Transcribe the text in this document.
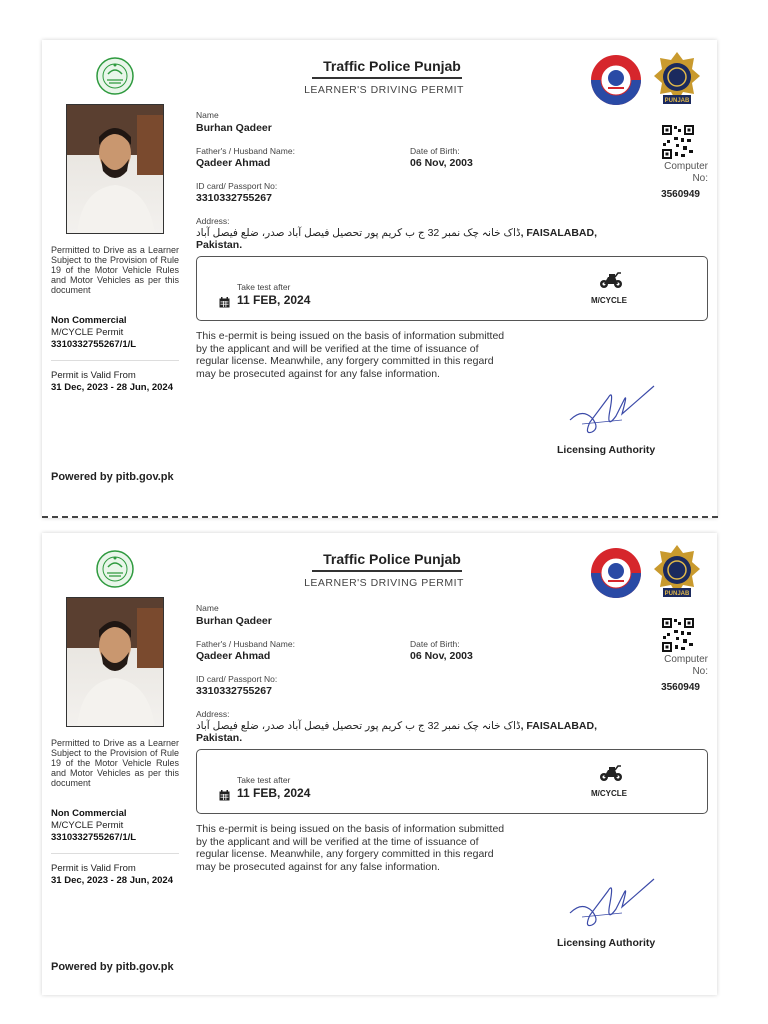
Permitted to Drive as a Learner Subject to the Provision of Rule 19 of the Motor Vehicle Rules and Motor Vehicles as per this document
Non Commercial
M/CYCLE Permit
3310332755267/1/L
Permit is Valid From
31 Dec, 2023 - 28 Jun, 2024
Powered by pitb.gov.pk
Traffic Police Punjab
LEARNER'S DRIVING PERMIT
PUNJAB
Name
Burhan Qadeer
Father's / Husband Name:
Qadeer Ahmad
Date of Birth:
06 Nov, 2003
ID card/ Passport No:
3310332755267
Address:
ڈاک خانہ چک نمبر 32 ج ب کریم پور تحصیل فیصل آباد صدر، ضلع فیصل آباد, FAISALABAD, Pakistan.
Computer No:
3560949
Take test after
11 FEB, 2024	M/CYCLE
This e-permit is being issued on the basis of information submitted by the applicant and will be verified at the time of issuance of regular license. Meanwhile, any forgery committed in this regard may be prosecuted against for any false information.
Licensing Authority
Permitted to Drive as a Learner Subject to the Provision of Rule 19 of the Motor Vehicle Rules and Motor Vehicles as per this document
Non Commercial
M/CYCLE Permit
3310332755267/1/L
Permit is Valid From
31 Dec, 2023 - 28 Jun, 2024
Powered by pitb.gov.pk
Traffic Police Punjab
LEARNER'S DRIVING PERMIT
PUNJAB
Name
Burhan Qadeer
Father's / Husband Name:
Qadeer Ahmad
Date of Birth:
06 Nov, 2003
ID card/ Passport No:
3310332755267
Address:
ڈاک خانہ چک نمبر 32 ج ب کریم پور تحصیل فیصل آباد صدر، ضلع فیصل آباد, FAISALABAD, Pakistan.
Computer No:
3560949
Take test after
11 FEB, 2024	M/CYCLE
This e-permit is being issued on the basis of information submitted by the applicant and will be verified at the time of issuance of regular license. Meanwhile, any forgery committed in this regard may be prosecuted against for any false information.
Licensing Authority
